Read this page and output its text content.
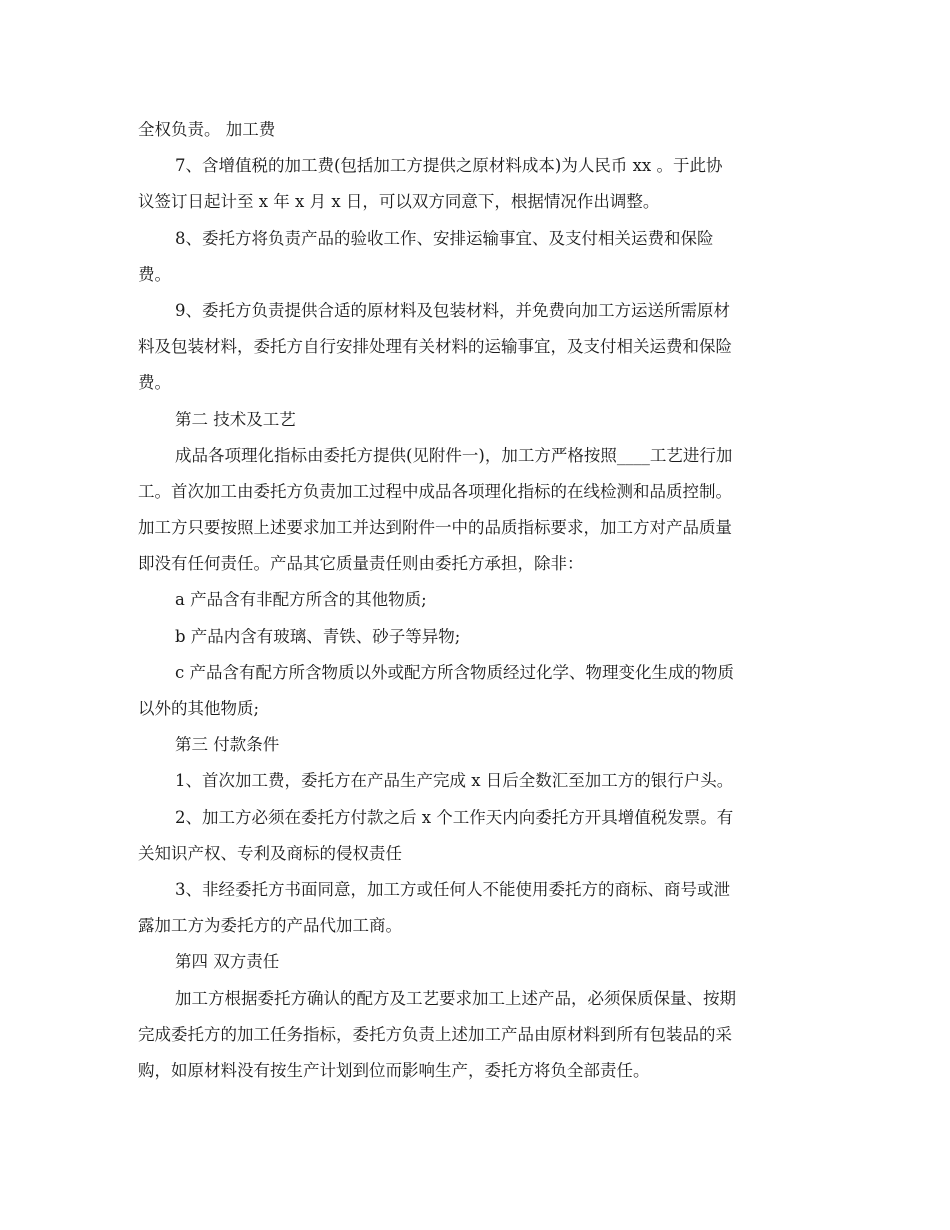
全权负责。 加工费
7、含增值税的加工费(包括加工方提供之原材料成本)为人民币 xx 。于此协
议签订日起计至 x 年 x 月 x 日，可以双方同意下，根据情况作出调整。
8、委托方将负责产品的验收工作、安排运输事宜、及支付相关运费和保险
费。
9、委托方负责提供合适的原材料及包装材料，并免费向加工方运送所需原材
料及包装材料，委托方自行安排处理有关材料的运输事宜，及支付相关运费和保险
费。
第二 技术及工艺
成品各项理化指标由委托方提供(见附件一)，加工方严格按照____工艺进行加
工。首次加工由委托方负责加工过程中成品各项理化指标的在线检测和品质控制。
加工方只要按照上述要求加工并达到附件一中的品质指标要求，加工方对产品质量
即没有任何责任。产品其它质量责任则由委托方承担，除非：
a 产品含有非配方所含的其他物质;
b 产品内含有玻璃、青铁、砂子等异物;
c 产品含有配方所含物质以外或配方所含物质经过化学、物理变化生成的物质
以外的其他物质;
第三 付款条件
1、首次加工费，委托方在产品生产完成 x 日后全数汇至加工方的银行户头。
2、加工方必须在委托方付款之后 x 个工作天内向委托方开具增值税发票。有
关知识产权、专利及商标的侵权责任
3、非经委托方书面同意，加工方或任何人不能使用委托方的商标、商号或泄
露加工方为委托方的产品代加工商。
第四 双方责任
加工方根据委托方确认的配方及工艺要求加工上述产品，必须保质保量、按期
完成委托方的加工任务指标，委托方负责上述加工产品由原材料到所有包装品的采
购，如原材料没有按生产计划到位而影响生产，委托方将负全部责任。
